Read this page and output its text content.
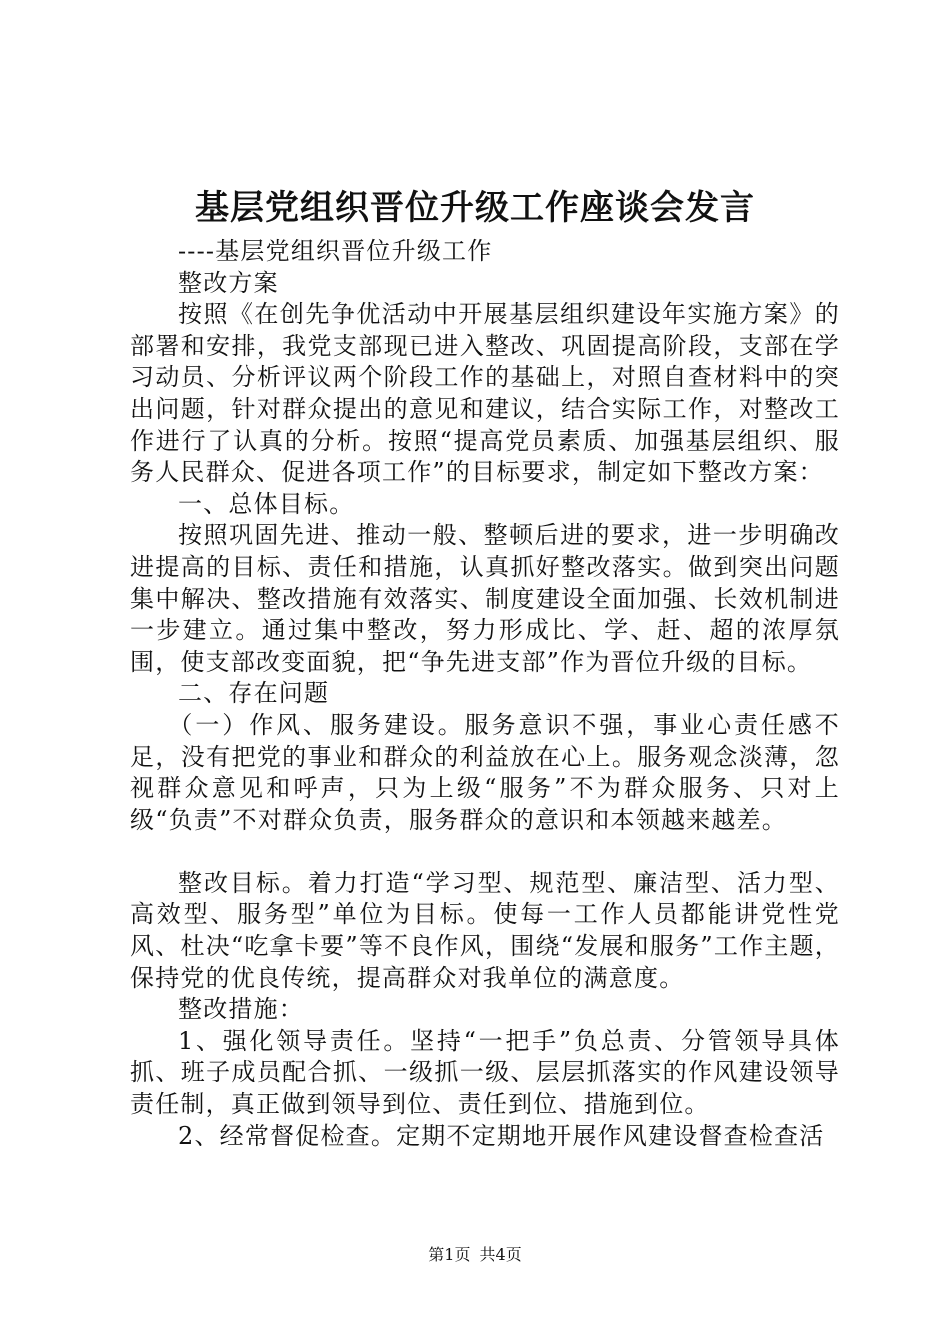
基层党组织晋位升级工作座谈会发言

----基层党组织晋位升级工作

整改方案

按照《在创先争优活动中开展基层组织建设年实施方案》的部署和安排，我党支部现已进入整改、巩固提高阶段，支部在学习动员、分析评议两个阶段工作的基础上，对照自查材料中的突出问题，针对群众提出的意见和建议，结合实际工作，对整改工作进行了认真的分析。按照“提高党员素质、加强基层组织、服务人民群众、促进各项工作”的目标要求，制定如下整改方案：

一、总体目标。

按照巩固先进、推动一般、整顿后进的要求，进一步明确改进提高的目标、责任和措施，认真抓好整改落实。做到突出问题集中解决、整改措施有效落实、制度建设全面加强、长效机制进一步建立。通过集中整改，努力形成比、学、赶、超的浓厚氛围，使支部改变面貌，把“争先进支部”作为晋位升级的目标。

二、存在问题

（一）作风、服务建设。服务意识不强，事业心责任感不足，没有把党的事业和群众的利益放在心上。服务观念淡薄，忽视群众意见和呼声，只为上级“服务”不为群众服务、只对上级“负责”不对群众负责，服务群众的意识和本领越来越差。

整改目标。着力打造“学习型、规范型、廉洁型、活力型、高效型、服务型”单位为目标。使每一工作人员都能讲党性党风、杜决“吃拿卡要”等不良作风，围绕“发展和服务”工作主题，保持党的优良传统，提高群众对我单位的满意度。

整改措施：

1、强化领导责任。坚持“一把手”负总责、分管领导具体抓、班子成员配合抓、一级抓一级、层层抓落实的作风建设领导责任制，真正做到领导到位、责任到位、措施到位。

2、经常督促检查。定期不定期地开展作风建设督查检查活

第1页 共4页
